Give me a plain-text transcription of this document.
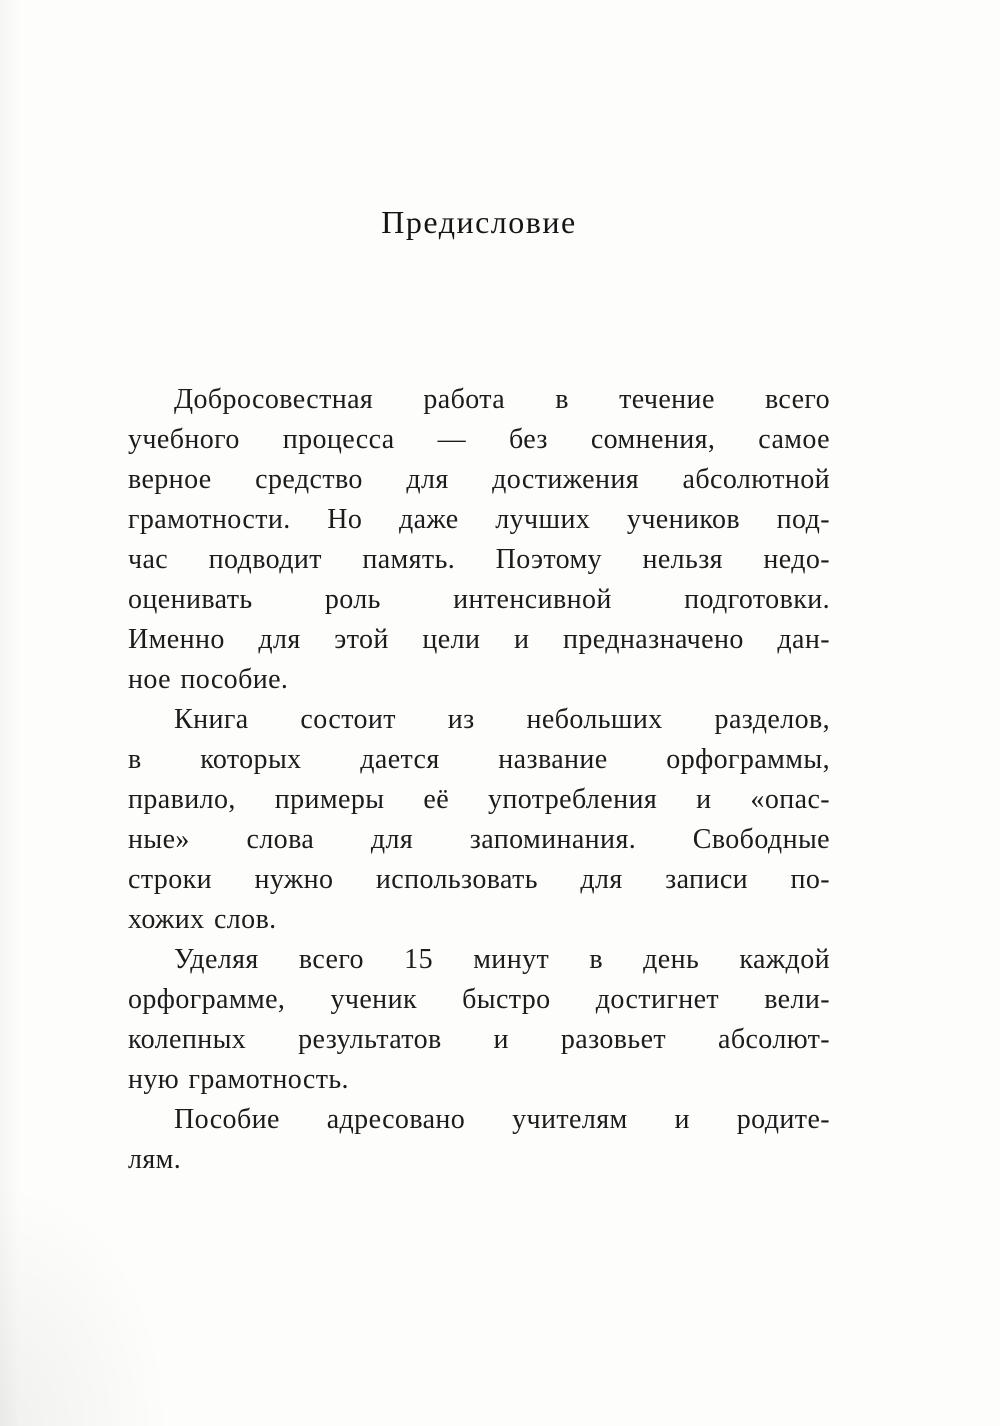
Предисловие
Добросовестная работа в течение всего
учебного процесса — без сомнения, самое
верное средство для достижения абсолютной
грамотности. Но даже лучших учеников под-
час подводит память. Поэтому нельзя недо-
оценивать роль интенсивной подготовки.
Именно для этой цели и предназначено дан-
ное пособие.
Книга состоит из небольших разделов,
в которых дается название орфограммы,
правило, примеры её употребления и «опас-
ные» слова для запоминания. Свободные
строки нужно использовать для записи по-
хожих слов.
Уделяя всего 15 минут в день каждой
орфограмме, ученик быстро достигнет вели-
колепных результатов и разовьет абсолют-
ную грамотность.
Пособие адресовано учителям и родите-
лям.
